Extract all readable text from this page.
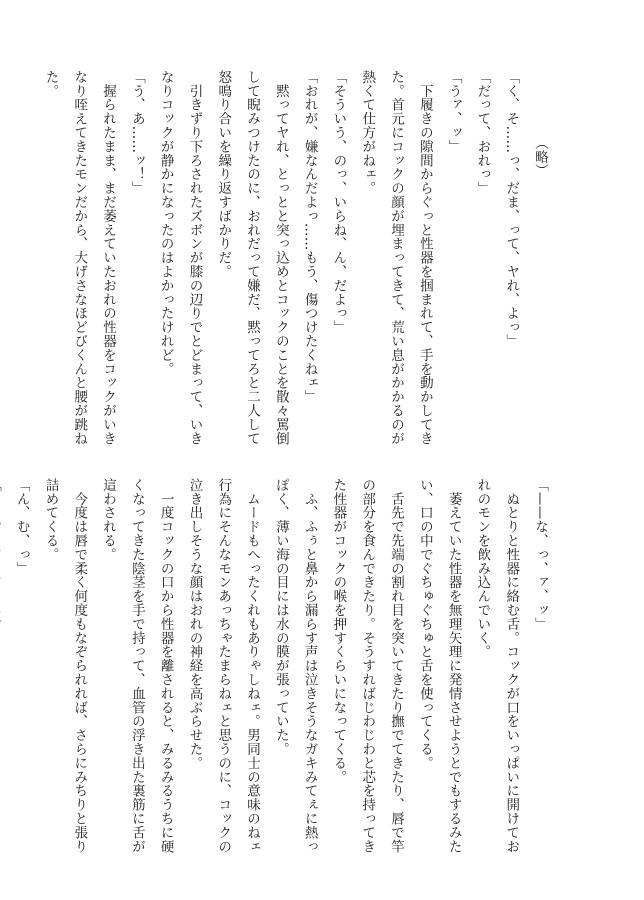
（略）
「く、そ……っ、だま、って、ヤれ、よっ」
「だって、おれっ」
「うァ、ッ」
　下履きの隙間からぐっと性器を掴まれて、手を動かしてき
た。首元にコックの顔が埋まってきて、荒い息がかかるのが
熱くて仕方がねェ。
「そういう、のっ、いらね、ん、だよっ」
「おれが、嫌なんだよっ……もう、傷つけたくねェ」
　黙ってヤれ、とっとと突っ込めとコックのことを散々罵倒
して睨みつけたのに、おれだって嫌だ、黙ってろと二人して
怒鳴り合いを繰り返すばかりだ。
　引きずり下ろされたズボンが膝の辺りでとどまって、いき
なりコックが静かになったのはよかったけれど。
「う、あ……ッ！」
　握られたまま、まだ萎えていたおれの性器をコックがいき
なり咥えてきたモンだから、大げさなほどびくんと腰が跳ね
た。
「——な、っ、ァ、ッ」
　ぬとりと性器に絡む舌。コックが口をいっぱいに開けてお
れのモンを飲み込んでいく。
　萎えていた性器を無理矢理に発情させようとでもするみた
い、口の中でぐちゅぐちゅと舌を使ってくる。
　舌先で先端の割れ目を突いてきたり撫でてきたり、唇で竿
の部分を食んできたり。そうすればじわじわと芯を持ってき
た性器がコックの喉を押すくらいになってくる。
　ふ、ふぅと鼻から漏らす声は泣きそうなガキみてぇに熱っ
ぽく、薄い海の目には水の膜が張っていた。
　ムードもへったくれもありゃしねェ。男同士の意味のねェ
行為にそんなモンあっちゃたまらねェと思うのに、コックの
泣き出しそうな顔はおれの神経を高ぶらせた。
　一度コックの口から性器を離されると、みるみるうちに硬
くなってきた陰茎を手で持って、血管の浮き出た裏筋に舌が
這わされる。
　今度は唇で柔く何度もなぞられれば、さらにみちりと張り
詰めてくる。
「ん、む、っ」
